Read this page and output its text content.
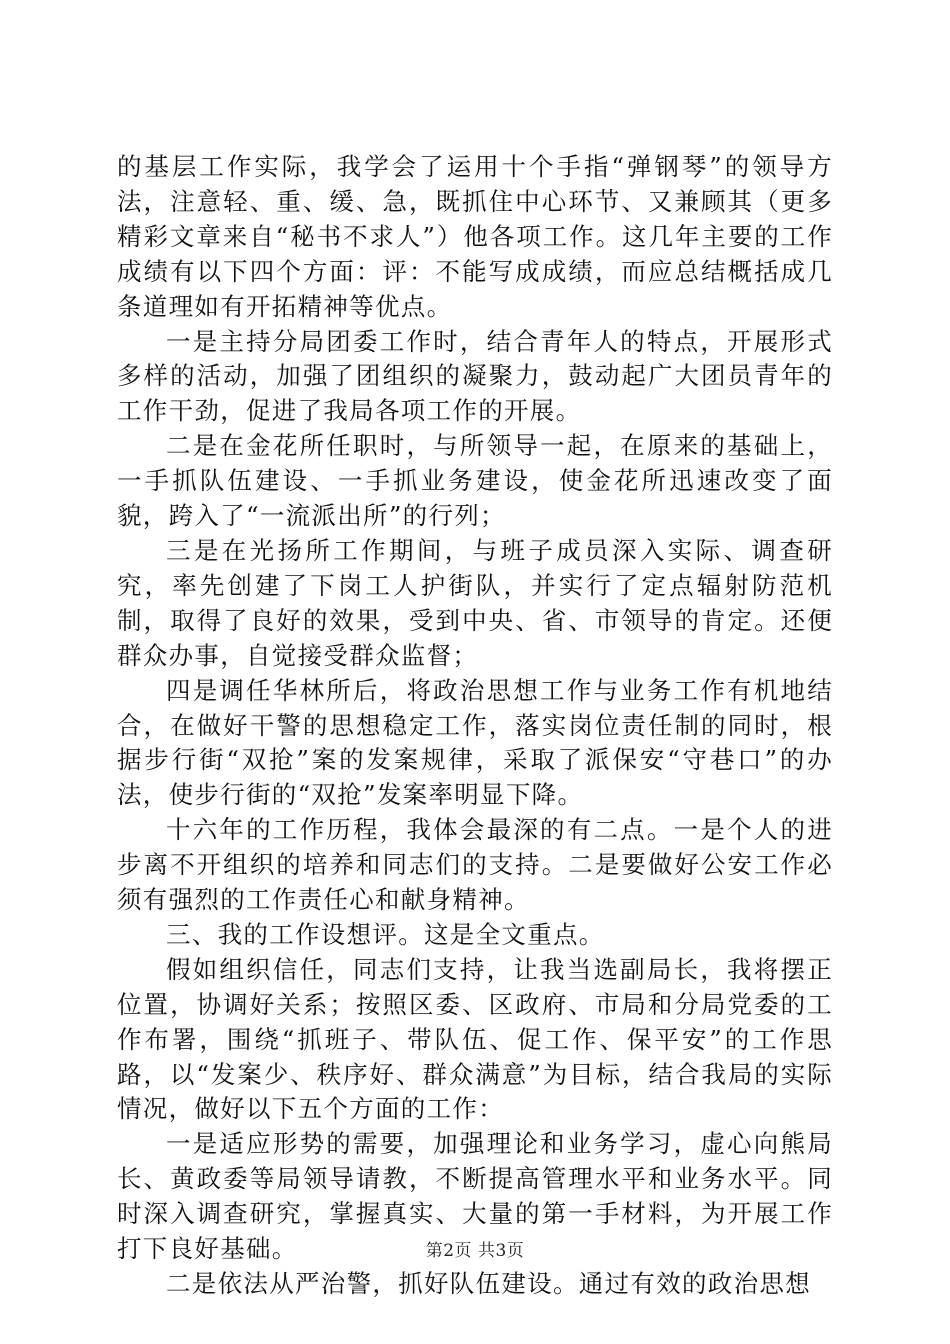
的基层工作实际，我学会了运用十个手指“弹钢琴”的领导方法，注意轻、重、缓、急，既抓住中心环节、又兼顾其（更多精彩文章来自“秘书不求人”）他各项工作。这几年主要的工作成绩有以下四个方面：评：不能写成成绩，而应总结概括成几条道理如有开拓精神等优点。

一是主持分局团委工作时，结合青年人的特点，开展形式多样的活动，加强了团组织的凝聚力，鼓动起广大团员青年的工作干劲，促进了我局各项工作的开展。

二是在金花所任职时，与所领导一起，在原来的基础上，一手抓队伍建设、一手抓业务建设，使金花所迅速改变了面貌，跨入了“一流派出所”的行列；

三是在光扬所工作期间，与班子成员深入实际、调查研究，率先创建了下岗工人护街队，并实行了定点辐射防范机制，取得了良好的效果，受到中央、省、市领导的肯定。还便群众办事，自觉接受群众监督；

四是调任华林所后，将政治思想工作与业务工作有机地结合，在做好干警的思想稳定工作，落实岗位责任制的同时，根据步行街“双抢”案的发案规律，采取了派保安“守巷口”的办法，使步行街的“双抢”发案率明显下降。

十六年的工作历程，我体会最深的有二点。一是个人的进步离不开组织的培养和同志们的支持。二是要做好公安工作必须有强烈的工作责任心和献身精神。

三、我的工作设想评。这是全文重点。

假如组织信任，同志们支持，让我当选副局长，我将摆正位置，协调好关系；按照区委、区政府、市局和分局党委的工作布署，围绕“抓班子、带队伍、促工作、保平安”的工作思路，以“发案少、秩序好、群众满意”为目标，结合我局的实际情况，做好以下五个方面的工作：

一是适应形势的需要，加强理论和业务学习，虚心向熊局长、黄政委等局领导请教，不断提高管理水平和业务水平。同时深入调查研究，掌握真实、大量的第一手材料，为开展工作打下良好基础。

二是依法从严治警，抓好队伍建设。通过有效的政治思想

第2页 共3页
